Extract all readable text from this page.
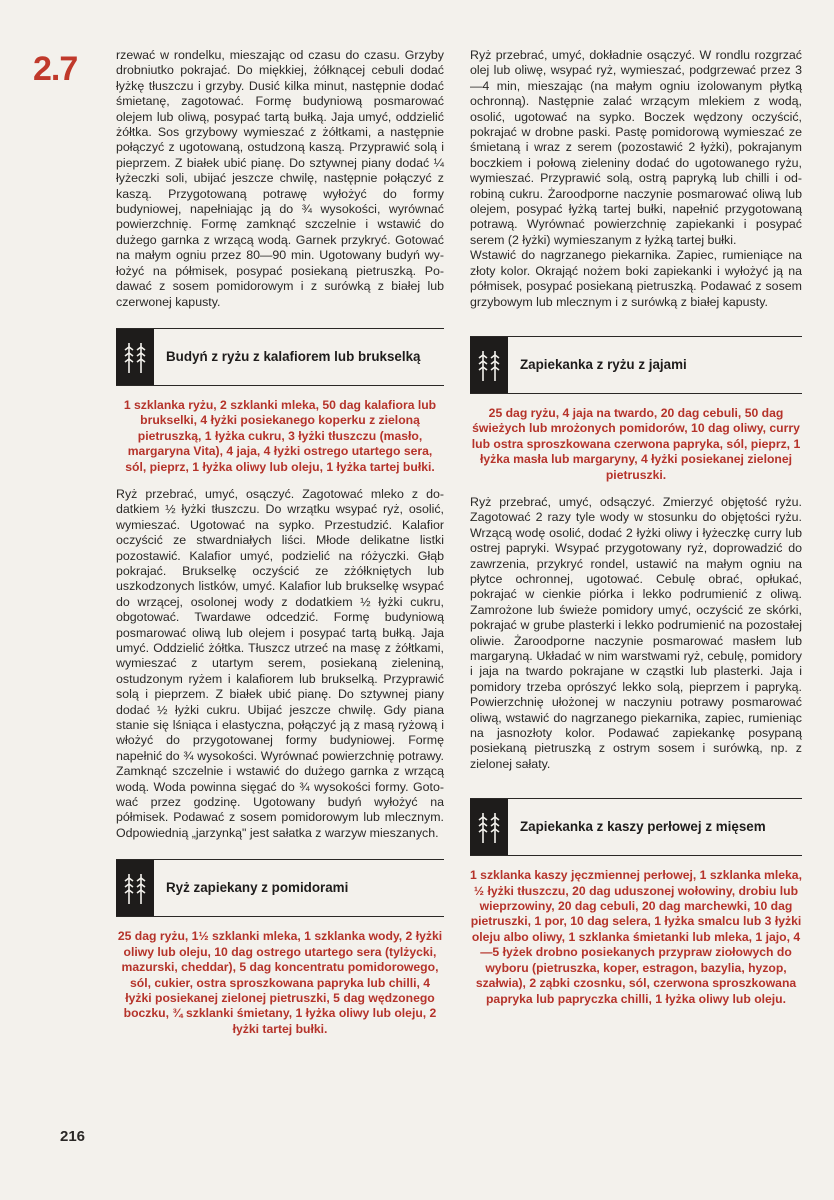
2.7	rzewać w rondelku, mieszając od czasu do czasu. Grzyby drobniutko pokrajać. Do miękkiej, żółknącej cebuli dodać łyżkę tłuszczu i grzyby. Dusić kilka minut, następnie dodać śmietanę, zagotować. Formę budyniową posmarować olejem lub oliwą, posypać tartą bułką. Jaja umyć, oddzielić żółtka. Sos grzybowy wymieszać z żółtkami, a następnie połączyć z ugotowaną, ostudzoną kaszą. Przyprawić solą i pieprzem. Z białek ubić pianę. Do sztywnej piany dodać ¼ łyżeczki soli, ubijać jeszcze chwilę, następnie połączyć z kaszą. Przygotowaną potrawę wyłożyć do formy budyniowej, napełniając ją do ¾ wysokości, wyrównać powierzchnię. Formę zamknąć szczelnie i wstawić do dużego garnka z wrzącą wodą. Garnek przykryć. Gotować na małym ogniu przez 80—90 min. Ugotowany budyń wyłożyć na półmisek, posypać posiekaną pietruszką. Podawać z sosem pomidorowym i z surówką z białej lub czerwonej kapusty.

Budyń z ryżu z kalafiorem lub brukselką
1 szklanka ryżu, 2 szklanki mleka, 50 dag kalafiora lub brukselki, 4 łyżki posiekanego koperku z zieloną pietruszką, 1 łyżka cukru, 3 łyżki tłuszczu (masło, margaryna Vita), 4 jaja, 4 łyżki ostrego utartego sera, sól, pieprz, 1 łyżka oliwy lub oleju, 1 łyżka tartej bułki.

Ryż przebrać, umyć, osączyć. Zagotować mleko z dodatkiem ½ łyżki tłuszczu. Do wrzątku wsypać ryż, osolić, wymieszać. Ugotować na sypko. Przestudzić. Kalafior oczyścić ze stwardniałych liści. Młode delikatne listki pozostawić. Kalafior umyć, podzielić na różyczki. Głąb pokrajać. Brukselkę oczyścić ze zżółkniętych lub uszkodzonych listków, umyć. Kalafior lub brukselkę wsypać do wrzącej, osolonej wody z dodatkiem ½ łyżki cukru, obgotować. Twardawe odcedzić. Formę budyniową posmarować oliwą lub olejem i posypać tartą bułką. Jaja umyć. Oddzielić żółtka. Tłuszcz utrzeć na masę z żółtkami, wymieszać z utartym serem, posiekaną zieleniną, ostudzonym ryżem i kalafiorem lub brukselką. Przyprawić solą i pieprzem. Z białek ubić pianę. Do sztywnej piany dodać ½ łyżki cukru. Ubijać jeszcze chwilę. Gdy piana stanie się lśniąca i elastyczna, połączyć ją z masą ryżową i włożyć do przygotowanej formy budyniowej. Formę napełnić do ¾ wysokości. Wyrównać powierzchnię potrawy. Zamknąć szczelnie i wstawić do dużego garnka z wrzącą wodą. Woda powinna sięgać do ¾ wysokości formy. Gotować przez godzinę. Ugotowany budyń wyłożyć na półmisek. Podawać z sosem pomidorowym lub mlecznym. Odpowiednią „jarzynką" jest sałatka z warzyw mieszanych.

Ryż zapiekany z pomidorami
25 dag ryżu, 1½ szklanki mleka, 1 szklanka wody, 2 łyżki oliwy lub oleju, 10 dag ostrego utartego sera (tylżycki, mazurski, cheddar), 5 dag koncentratu pomidorowego, sól, cukier, ostra sproszkowana papryka lub chilli, 4 łyżki posiekanej zielonej pietruszki, 5 dag wędzonego boczku, ¾ szklanki śmietany, 1 łyżka oliwy lub oleju, 2 łyżki tartej bułki.

Ryż przebrać, umyć, dokładnie osączyć. W rondlu rozgrzać olej lub oliwę, wsypać ryż, wymieszać, podgrzewać przez 3—4 min, mieszając (na małym ogniu izolowanym płytką ochronną). Następnie zalać wrzącym mlekiem z wodą, osolić, ugotować na sypko. Boczek wędzony oczyścić, pokrajać w drobne paski. Pastę pomidorową wymieszać ze śmietaną i wraz z serem (pozostawić 2 łyżki), pokrajanym boczkiem i połową zieleniny dodać do ugotowanego ryżu, wymieszać. Przyprawić solą, ostrą papryką lub chilli i odrobiną cukru. Żaroodporne naczynie posmarować oliwą lub olejem, posypać łyżką tartej bułki, napełnić przygotowaną potrawą. Wyrównać powierzchnię zapiekanki i posypać serem (2 łyżki) wymieszanym z łyżką tartej bułki.

Wstawić do nagrzanego piekarnika. Zapiec, rumieniące na złoty kolor. Okrająć nożem boki zapiekanki i wyłożyć ją na półmisek, posypać posiekaną pietruszką. Podawać z sosem grzybowym lub mlecznym i z surówką z białej kapusty.

Zapiekanka z ryżu z jajami
25 dag ryżu, 4 jaja na twardo, 20 dag cebuli, 50 dag świeżych lub mrożonych pomidorów, 10 dag oliwy, curry lub ostra sproszkowana czerwona papryka, sól, pieprz, 1 łyżka masła lub margaryny, 4 łyżki posiekanej zielonej pietruszki.

Ryż przebrać, umyć, odsączyć. Zmierzyć objętość ryżu. Zagotować 2 razy tyle wody w stosunku do objętości ryżu. Wrzącą wodę osolić, dodać 2 łyżki oliwy i łyżeczkę curry lub ostrej papryki. Wsypać przygotowany ryż, doprowadzić do zawrzenia, przykryć rondel, ustawić na małym ogniu na płytce ochronnej, ugotować. Cebulę obrać, opłukać, pokrajać w cienkie piórka i lekko podrumienić z oliwą. Zamrożone lub świeże pomidory umyć, oczyścić ze skórki, pokrajać w grube plasterki i lekko podrumienić na pozostałej oliwie. Żaroodporne naczynie posmarować masłem lub margaryną. Układać w nim warstwami ryż, cebulę, pomidory i jaja na twardo pokrajane w cząstki lub plasterki. Jaja i pomidory trzeba oprószyć lekko solą, pieprzem i papryką. Powierzchnię ułożonej w naczyniu potrawy posmarować oliwą, wstawić do nagrzanego piekarnika, zapiec, rumieniąc na jasnozłoty kolor. Podawać zapiekankę posypaną posiekaną pietruszką z ostrym sosem i surówką, np. z zielonej sałaty.

Zapiekanka z kaszy perłowej z mięsem
1 szklanka kaszy jęczmiennej perłowej, 1 szklanka mleka, ½ łyżki tłuszczu, 20 dag uduszonej wołowiny, drobiu lub wieprzowiny, 20 dag cebuli, 20 dag marchewki, 10 dag pietruszki, 1 por, 10 dag selera, 1 łyżka smalcu lub 3 łyżki oleju albo oliwy, 1 szklanka śmietanki lub mleka, 1 jajo, 4—5 łyżek drobno posiekanych przypraw ziołowych do wyboru (pietruszka, koper, estragon, bazylia, hyzop, szałwia), 2 ząbki czosnku, sól, czerwona sproszkowana papryka lub papryczka chilli, 1 łyżka oliwy lub oleju.
216
